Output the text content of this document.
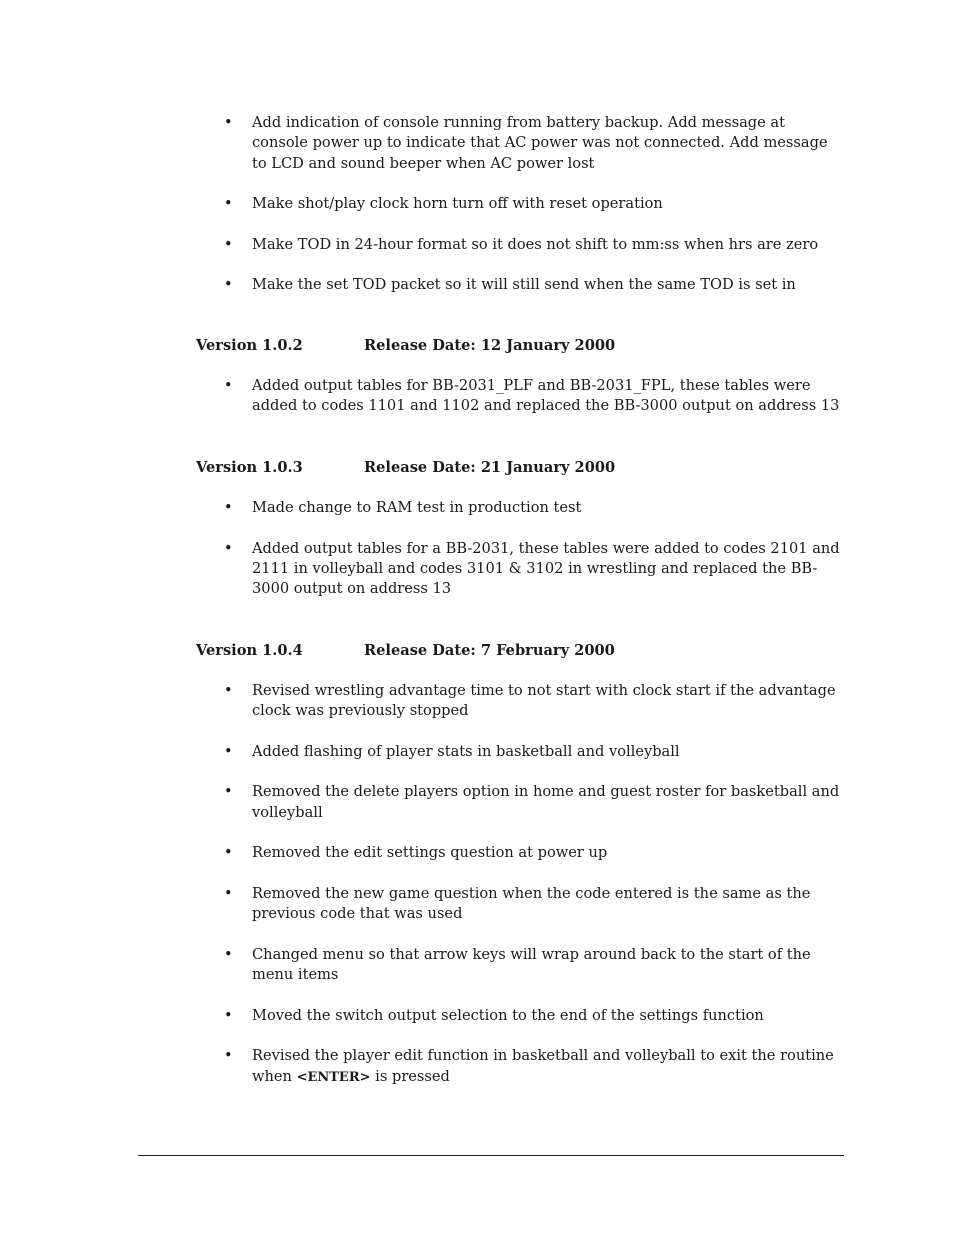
•	Add indication of console running from battery backup. Add message at console power up to indicate that AC power was not connected. Add message to LCD and sound beeper when AC power lost
•	Make shot/play clock horn turn off with reset operation
•	Make TOD in 24-hour format so it does not shift to mm:ss when hrs are zero
•	Make the set TOD packet so it will still send when the same TOD is set in
Version 1.0.2	Release Date: 12 January 2000
•	Added output tables for BB-2031_PLF and BB-2031_FPL, these tables were added to codes 1101 and 1102 and replaced the BB-3000 output on address 13
Version 1.0.3	Release Date: 21 January 2000
•	Made change to RAM test in production test
•	Added output tables for a BB-2031, these tables were added to codes 2101 and 2111 in volleyball and codes 3101 & 3102 in wrestling and replaced the BB-3000 output on address 13
Version 1.0.4	Release Date: 7 February 2000
•	Revised wrestling advantage time to not start with clock start if the advantage clock was previously stopped
•	Added flashing of player stats in basketball and volleyball
•	Removed the delete players option in home and guest roster for basketball and volleyball
•	Removed the edit settings question at power up
•	Removed the new game question when the code entered is the same as the previous code that was used
•	Changed menu so that arrow keys will wrap around back to the start of the menu items
•	Moved the switch output selection to the end of the settings function
•	Revised the player edit function in basketball and volleyball to exit the routine when <ENTER> is pressed
